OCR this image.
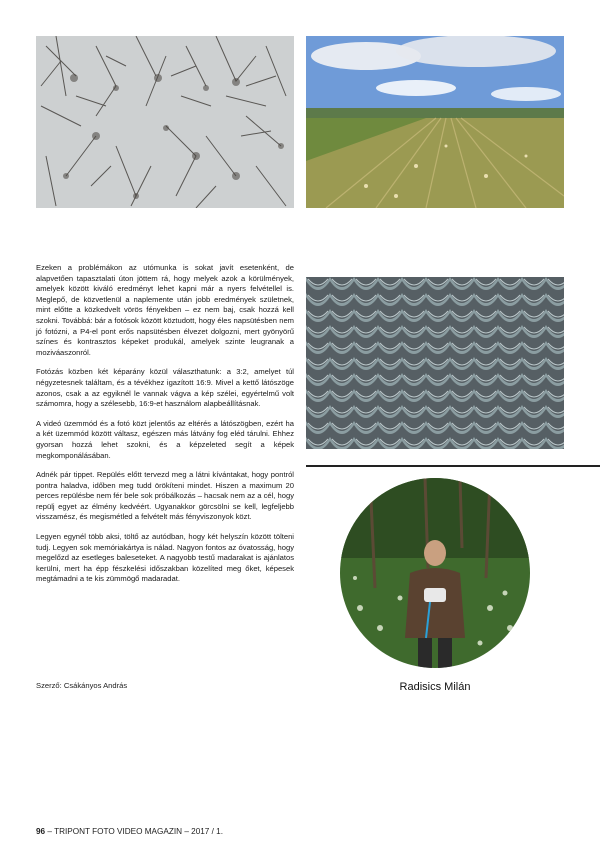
Ezeken a problémákon az utómunka is sokat javít esetenként, de alapvetően tapasztalati úton jöttem rá, hogy melyek azok a körülmények, amelyek között kiváló eredményt lehet kapni már a nyers felvétellel is. Meglepő, de közvetlenül a naplemente után jobb eredmények születnek, mint előtte a közkedvelt vörös fényekben – ez nem baj, csak hozzá kell szokni. Továbbá: bár a fotósok között köztudott, hogy éles napsütésben nem jó fotózni, a P4-el pont erős napsütésben élvezet dolgozni, mert gyönyörű színes és kontrasztos képeket produkál, amelyek szinte leugranak a moziváaszonról.

Fotózás közben két képarány közül választhatunk: a 3:2, amelyet túl négyzetesnek találtam, és a tévékhez igazított 16:9. Mivel a kettő látószöge azonos, csak a az egyiknél le vannak vágva a kép szélei, egyértelmű volt számomra, hogy a szélesebb, 16:9-et használom alapbeállításnak.

A videó üzemmód és a fotó közt jelentős az eltérés a látószögben, ezért ha a két üzemmód között váltasz, egészen más látvány fog eléd tárulni. Ehhez gyorsan hozzá lehet szokni, és a képzeleted segít a képek megkomponálásában.

Adnék pár tippet. Repülés előtt tervezd meg a látni kívántakat, hogy pontról pontra haladva, időben meg tudd örökíteni mindet. Hiszen a maximum 20 perces repülésbe nem fér bele sok próbálkozás – hacsak nem az a cél, hogy repülj egyet az élmény kedvéért. Ugyanakkor görcsölni se kell, legfeljebb visszamész, és megismétled a felvételt más fényviszonyok közt.

Legyen egynél több aksi, töltő az autódban, hogy két helyszín között tölteni tudj. Legyen sok memóriakártya is nálad. Nagyon fontos az óvatosság, hogy megelőzd az esetleges baleseteket. A nagyobb testű madarakat is ajánlatos kerülni, mert ha épp fészkelési időszakban közelíted meg őket, képesek megtámadni a te kis zümmögő madaradat.

Radisics Milán
Szerző: Csákányos András
96 – TRIPONT FOTO VIDEO MAGAZIN – 2017 / 1.
